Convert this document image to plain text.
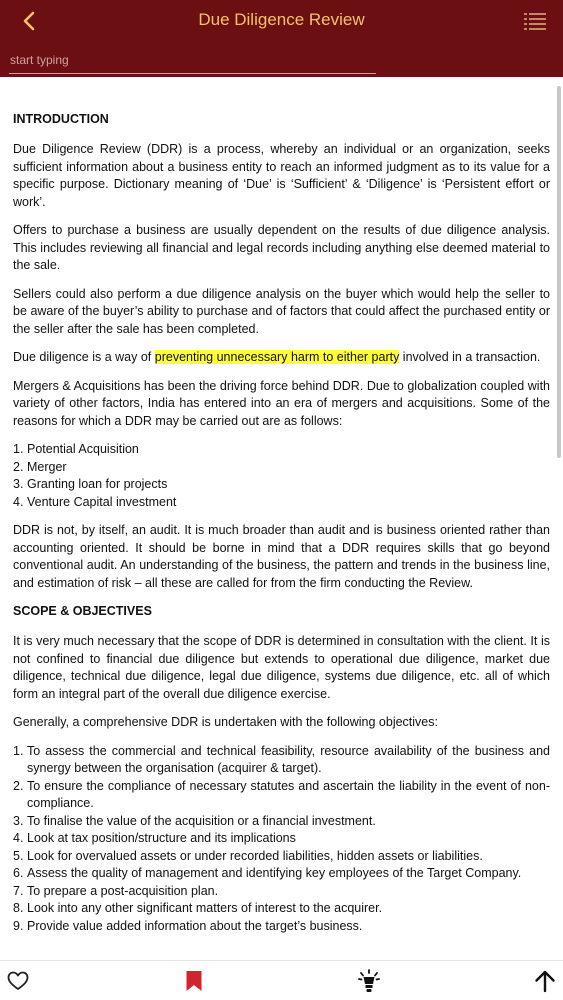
Due Diligence Review
start typing
INTRODUCTION

Due Diligence Review (DDR) is a process, whereby an individual or an organization, seeks sufficient information about a business entity to reach an informed judgment as to its value for a specific purpose. Dictionary meaning of ‘Due’ is ‘Sufficient’ & ‘Diligence’ is ‘Persistent effort or work’.

Offers to purchase a business are usually dependent on the results of due diligence analysis. This includes reviewing all financial and legal records including anything else deemed material to the sale.

Sellers could also perform a due diligence analysis on the buyer which would help the seller to be aware of the buyer’s ability to purchase and of factors that could affect the purchased entity or the seller after the sale has been completed.

Due diligence is a way of preventing unnecessary harm to either party involved in a transaction.

Mergers & Acquisitions has been the driving force behind DDR. Due to globalization coupled with variety of other factors, India has entered into an era of mergers and acquisitions. Some of the reasons for which a DDR may be carried out are as follows:

1. Potential Acquisition
2. Merger
3. Granting loan for projects
4. Venture Capital investment

DDR is not, by itself, an audit. It is much broader than audit and is business oriented rather than accounting oriented. It should be borne in mind that a DDR requires skills that go beyond conventional audit. An understanding of the business, the pattern and trends in the business line, and estimation of risk – all these are called for from the firm conducting the Review.

SCOPE & OBJECTIVES

It is very much necessary that the scope of DDR is determined in consultation with the client. It is not confined to financial due diligence but extends to operational due diligence, market due diligence, technical due diligence, legal due diligence, systems due diligence, etc. all of which form an integral part of the overall due diligence exercise.

Generally, a comprehensive DDR is undertaken with the following objectives:

1. To assess the commercial and technical feasibility, resource availability of the business and synergy between the organisation (acquirer & target).
2. To ensure the compliance of necessary statutes and ascertain the liability in the event of non-compliance.
3. To finalise the value of the acquisition or a financial investment.
4. Look at tax position/structure and its implications
5. Look for overvalued assets or under recorded liabilities, hidden assets or liabilities.
6. Assess the quality of management and identifying key employees of the Target Company.
7. To prepare a post-acquisition plan.
8. Look into any other significant matters of interest to the acquirer.
9. Provide value added information about the target’s business.
